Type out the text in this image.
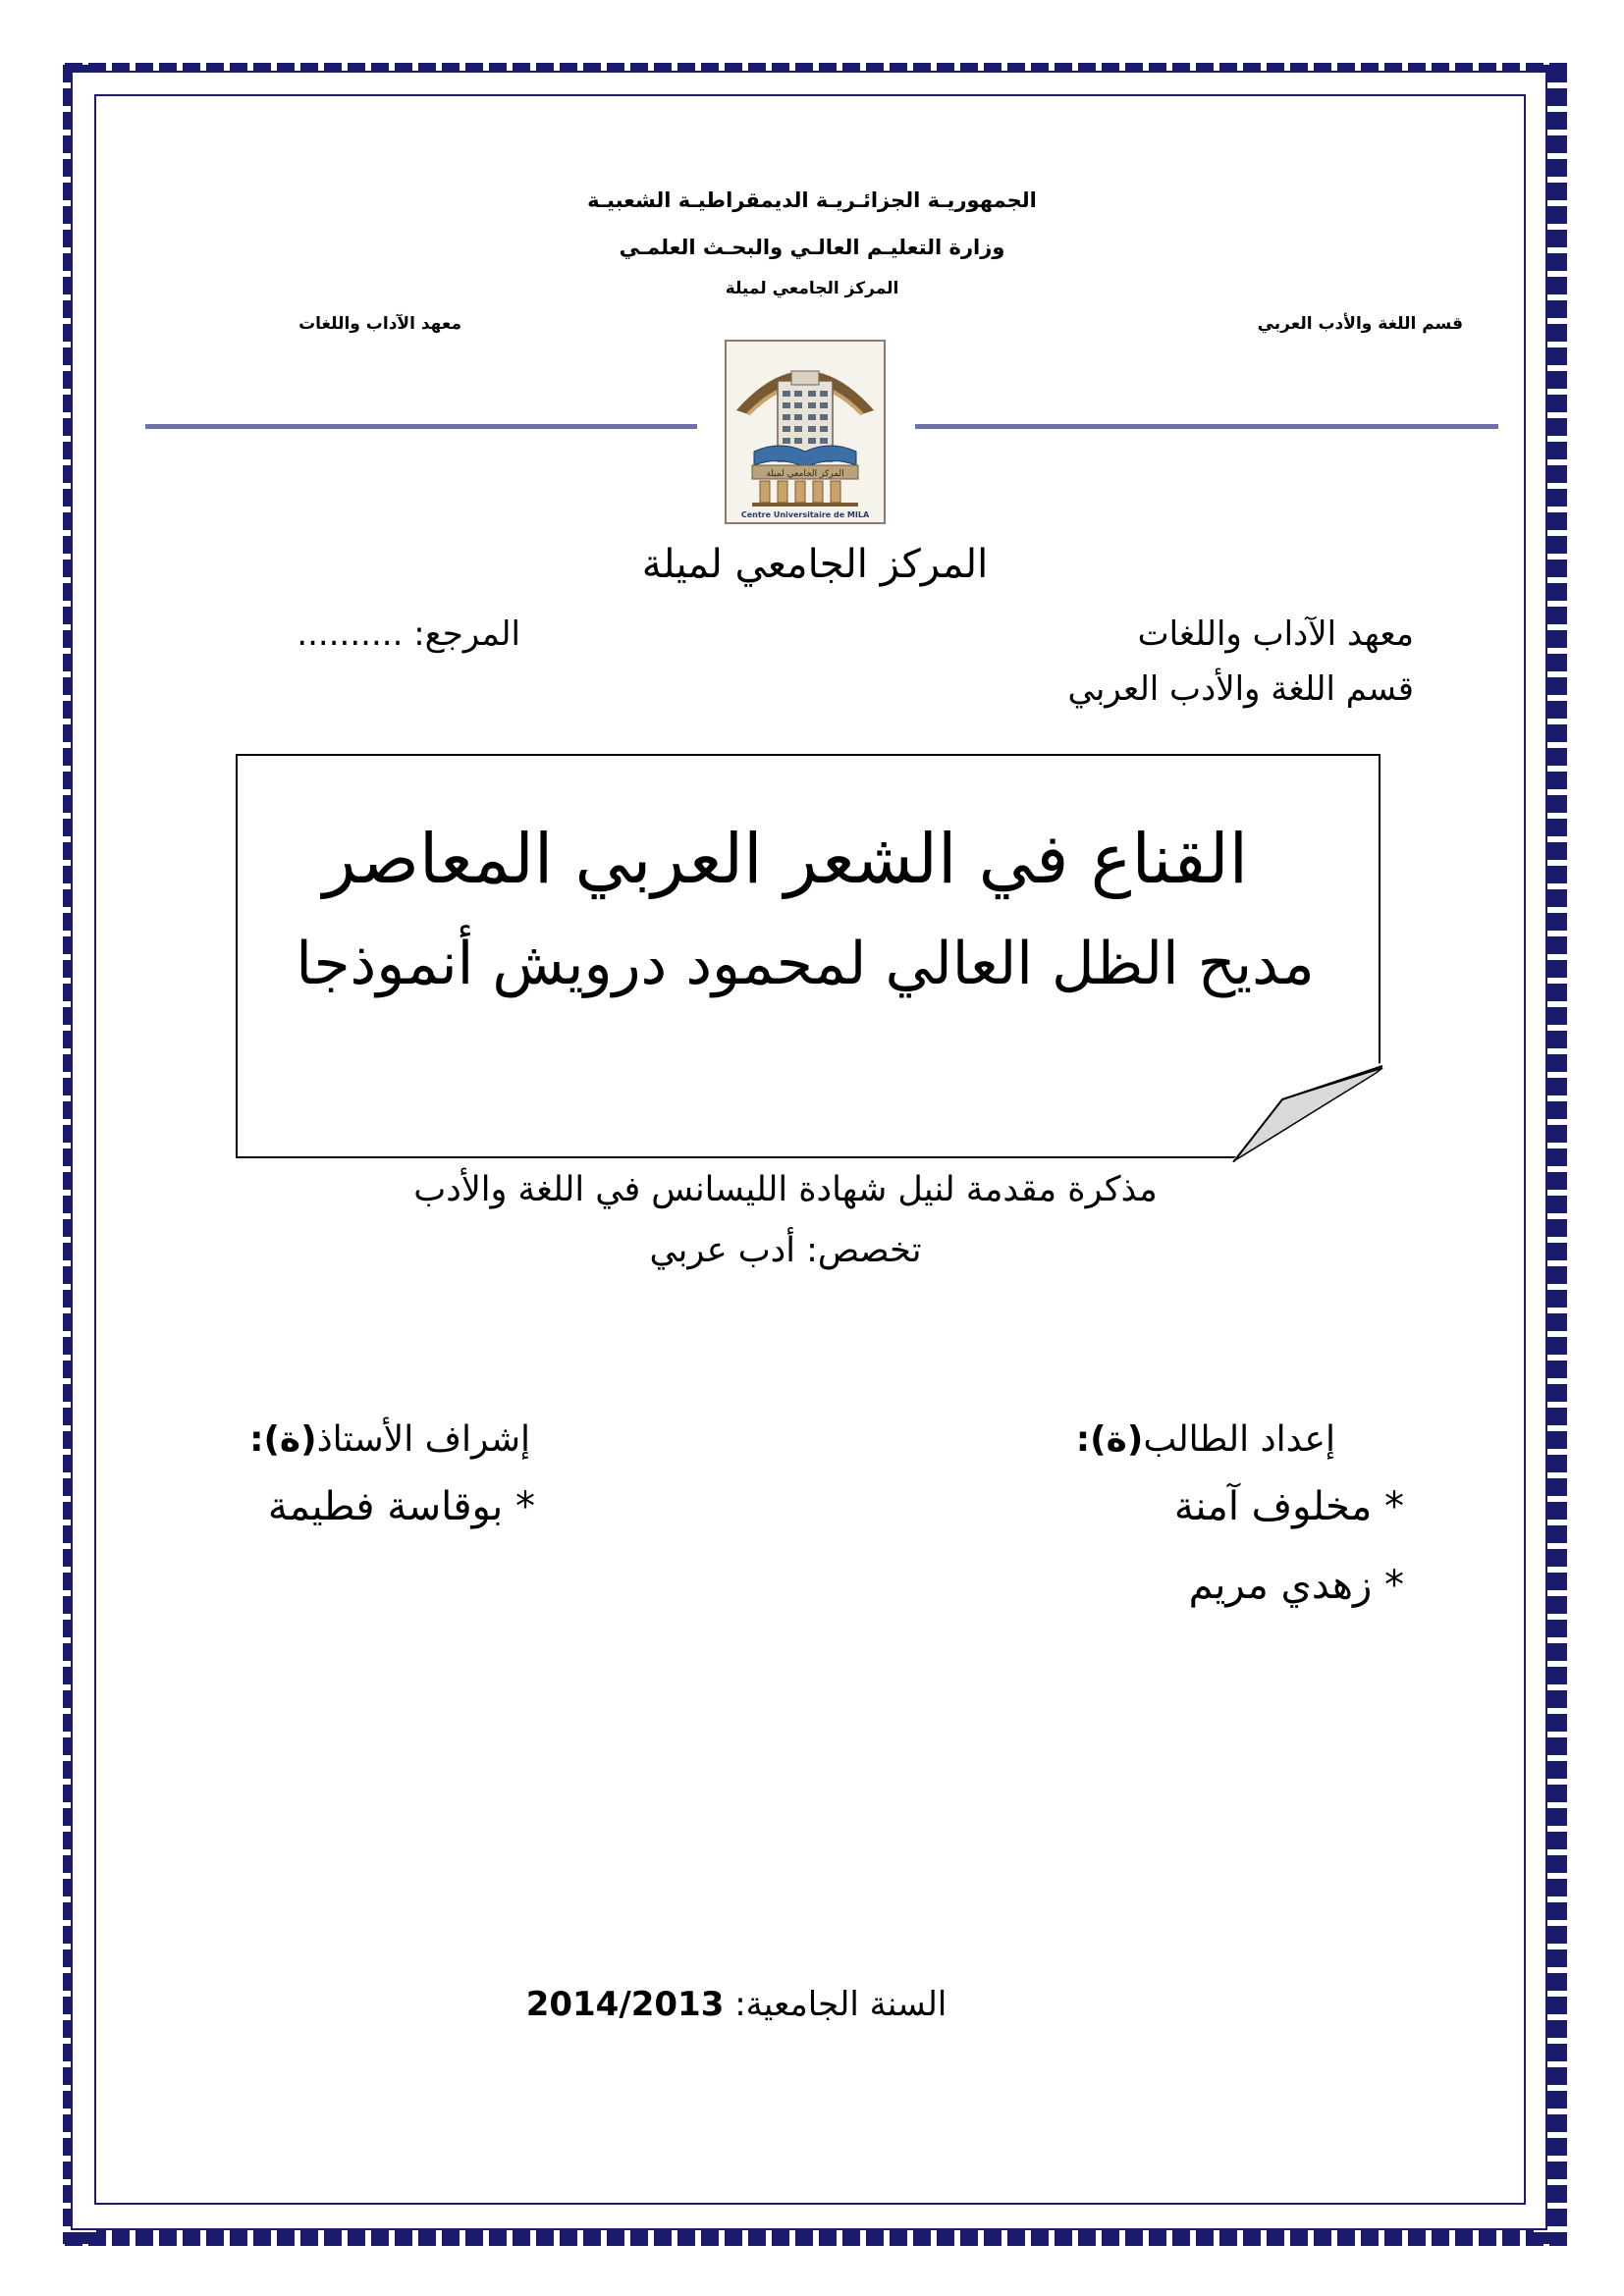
الجمهوريـة الجزائـريـة الديمقراطيـة الشعبيـة
وزارة التعليـم العالـي والبحـث العلمـي
المركز الجامعي لميلة
قسم اللغة والأدب العربي
معهد الآداب واللغات
المركز الجامعي لميلة
Centre Universitaire de MILA
المركز الجامعي لميلة
معهد الآداب واللغات
المرجع: ..........
قسم اللغة والأدب العربي
القناع في الشعر العربي المعاصر
مديح الظل العالي لمحمود درويش أنموذجا
مذكرة مقدمة لنيل شهادة الليسانس في اللغة والأدب
تخصص: أدب عربي
إعداد الطالب(ة):
* مخلوف آمنة
* زهدي مريم
إشراف الأستاذ(ة):
* بوقاسة فطيمة
السنة الجامعية: 2014/2013
